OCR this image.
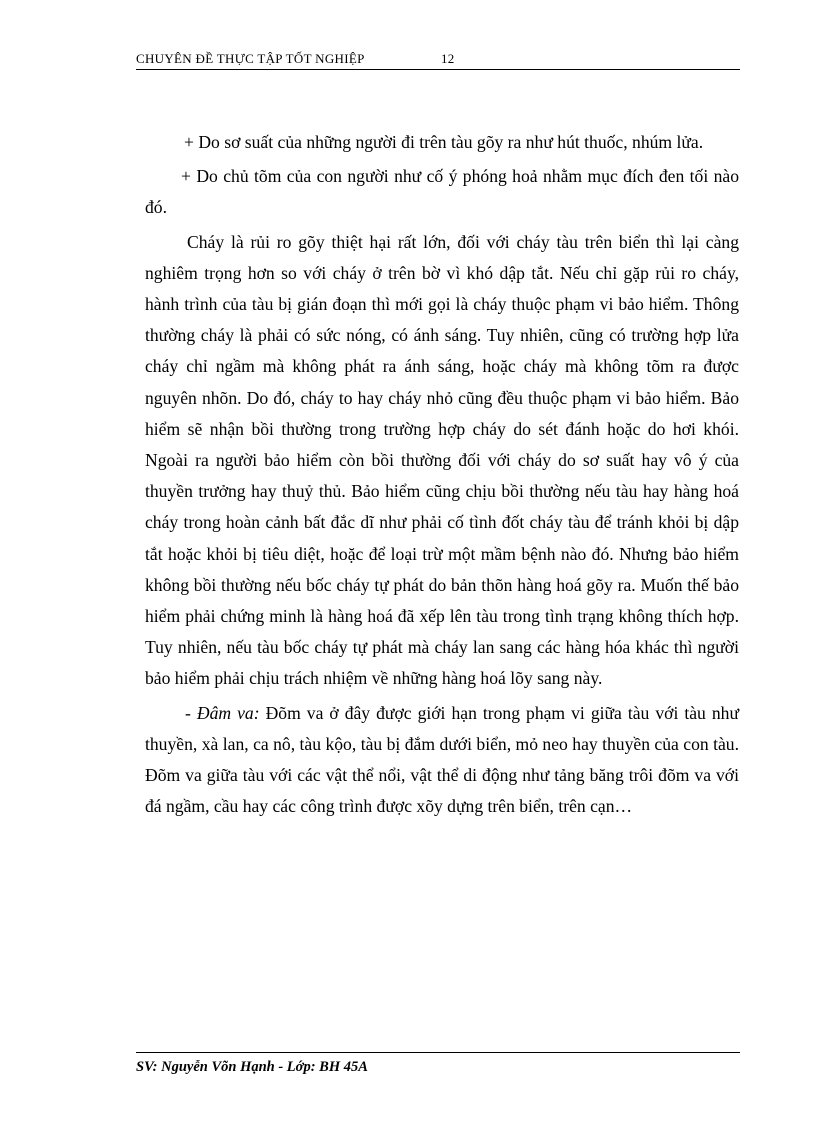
CHUYÊN ĐỀ THỰC TẬP TỐT NGHIỆP	12

+ Do sơ suất của những người đi trên tàu gõy ra như hút thuốc, nhúm lửa.

+ Do chủ tõm của con người như cố ý phóng hoả nhằm mục đích đen tối nào đó.

Cháy là rủi ro gõy thiệt hại rất lớn, đối với cháy tàu trên biển thì lại càng nghiêm trọng hơn so với cháy ở trên bờ vì khó dập tắt. Nếu chỉ gặp rủi ro cháy, hành trình của tàu bị gián đoạn thì mới gọi là cháy thuộc phạm vi bảo hiểm. Thông thường cháy là phải có sức nóng, có ánh sáng. Tuy nhiên, cũng có trường hợp lửa cháy chỉ ngầm mà không phát ra ánh sáng, hoặc cháy mà không tõm ra được nguyên nhõn. Do đó, cháy to hay cháy nhỏ cũng đều thuộc phạm vi bảo hiểm. Bảo hiểm sẽ nhận bồi thường trong trường hợp cháy do sét đánh hoặc do hơi khói. Ngoài ra người bảo hiểm còn bồi thường đối với cháy do sơ suất hay vô ý của thuyền trưởng hay thuỷ thủ. Bảo hiểm cũng chịu bồi thường nếu tàu hay hàng hoá cháy trong hoàn cảnh bất đắc dĩ như phải cố tình đốt cháy tàu để tránh khỏi bị dập tắt hoặc khỏi bị tiêu diệt, hoặc để loại trừ một mầm bệnh nào đó. Nhưng bảo hiểm không bồi thường nếu bốc cháy tự phát do bản thõn hàng hoá gõy ra. Muốn thế bảo hiểm phải chứng minh là hàng hoá đã xếp lên tàu trong tình trạng không thích hợp. Tuy nhiên, nếu tàu bốc cháy tự phát mà cháy lan sang các hàng hóa khác thì người bảo hiểm phải chịu trách nhiệm về những hàng hoá lõy sang này.

- Đâm va: Đõm va ở đây được giới hạn trong phạm vi giữa tàu với tàu như thuyền, xà lan, ca nô, tàu kộo, tàu bị đắm dưới biển, mỏ neo hay thuyền của con tàu. Đõm va giữa tàu với các vật thể nổi, vật thể di động như tảng băng trôi đõm va với đá ngầm, cầu hay các công trình được xõy dựng trên biển, trên cạn…

SV: Nguyễn Võn Hạnh - Lớp: BH 45A
